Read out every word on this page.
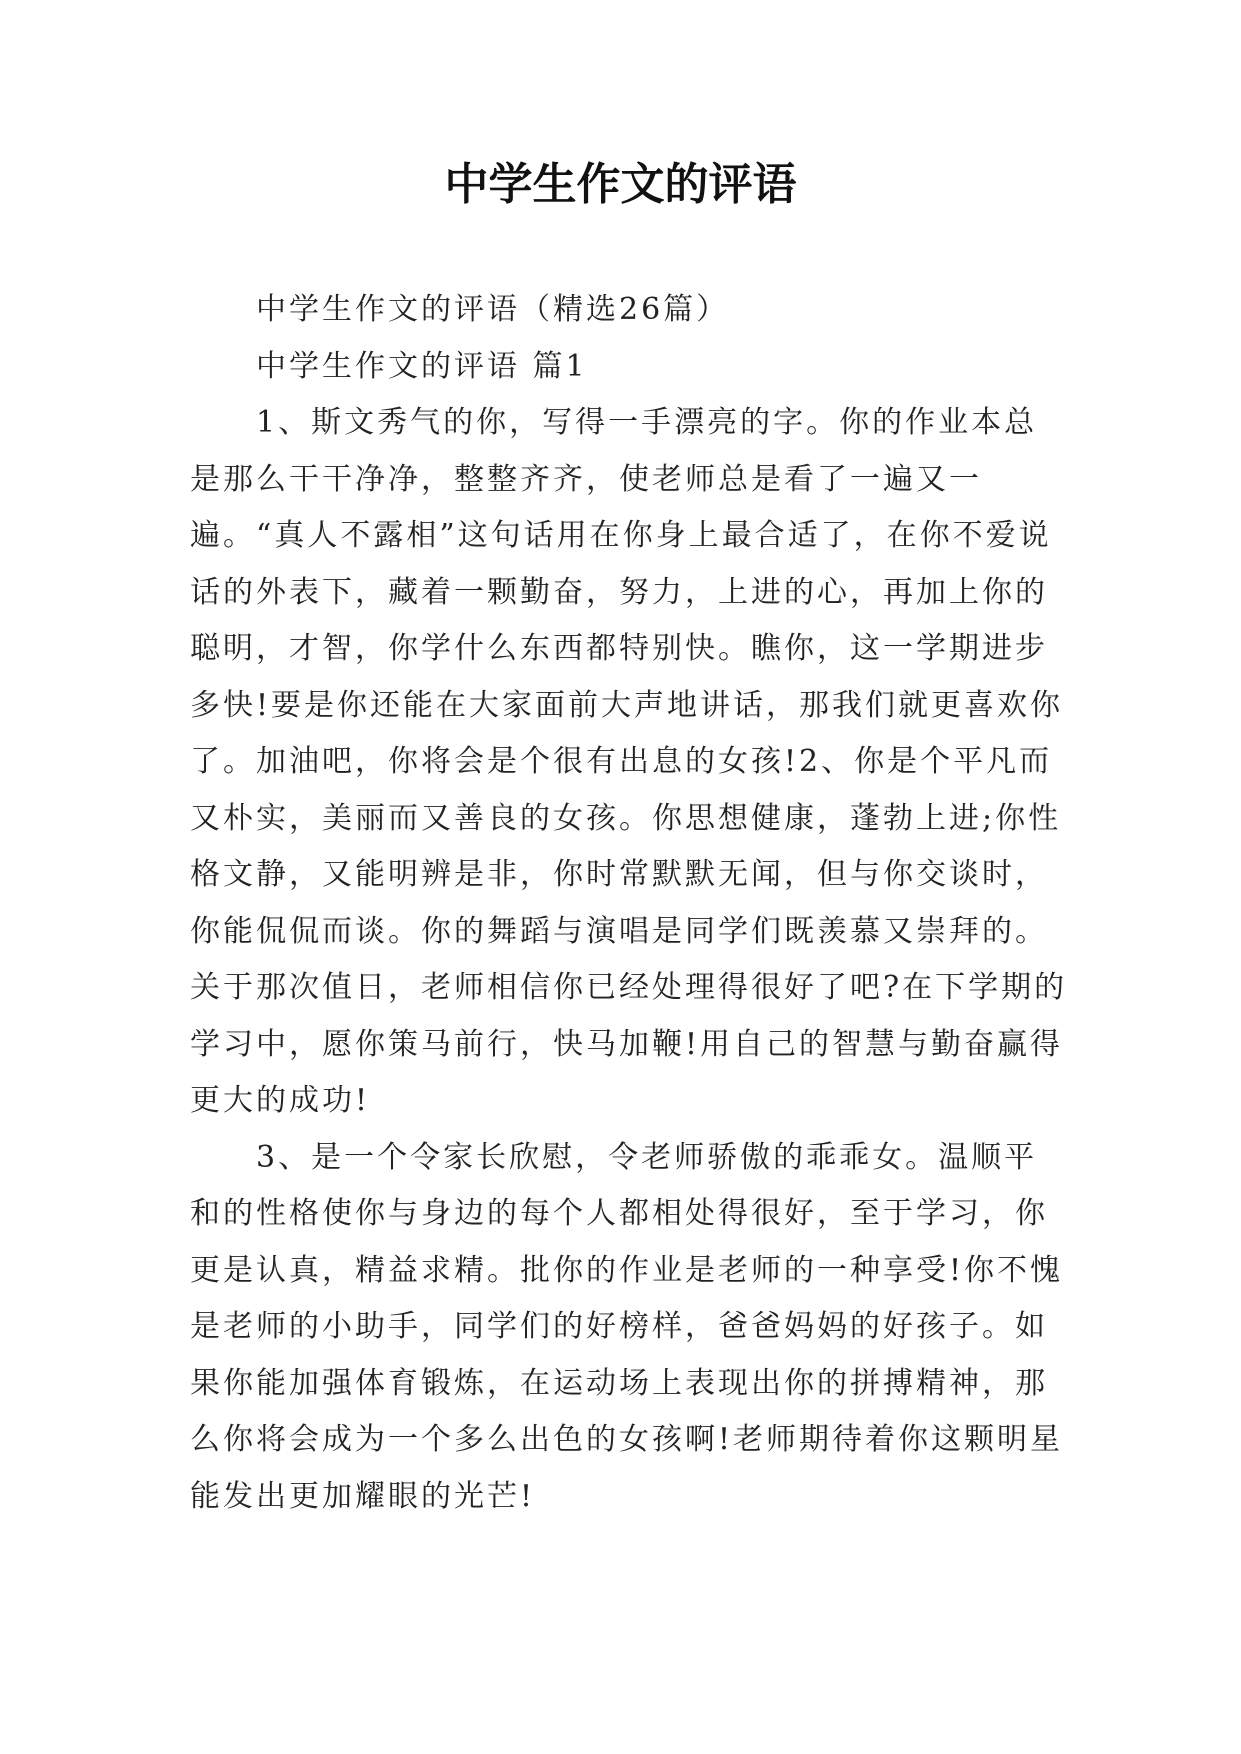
中学生作文的评语

中学生作文的评语（精选26篇）

中学生作文的评语 篇1

1、斯文秀气的你，写得一手漂亮的字。你的作业本总是那么干干净净，整整齐齐，使老师总是看了一遍又一遍。“真人不露相”这句话用在你身上最合适了，在你不爱说话的外表下，藏着一颗勤奋，努力，上进的心，再加上你的聪明，才智，你学什么东西都特别快。瞧你，这一学期进步多快!要是你还能在大家面前大声地讲话，那我们就更喜欢你了。加油吧，你将会是个很有出息的女孩!2、你是个平凡而又朴实，美丽而又善良的女孩。你思想健康，蓬勃上进;你性格文静，又能明辨是非，你时常默默无闻，但与你交谈时，你能侃侃而谈。你的舞蹈与演唱是同学们既羡慕又崇拜的。关于那次值日，老师相信你已经处理得很好了吧?在下学期的学习中，愿你策马前行，快马加鞭!用自己的智慧与勤奋赢得更大的成功!

3、是一个令家长欣慰，令老师骄傲的乖乖女。温顺平和的性格使你与身边的每个人都相处得很好，至于学习，你更是认真，精益求精。批你的作业是老师的一种享受!你不愧是老师的小助手，同学们的好榜样，爸爸妈妈的好孩子。如果你能加强体育锻炼，在运动场上表现出你的拼搏精神，那么你将会成为一个多么出色的女孩啊!老师期待着你这颗明星能发出更加耀眼的光芒!
